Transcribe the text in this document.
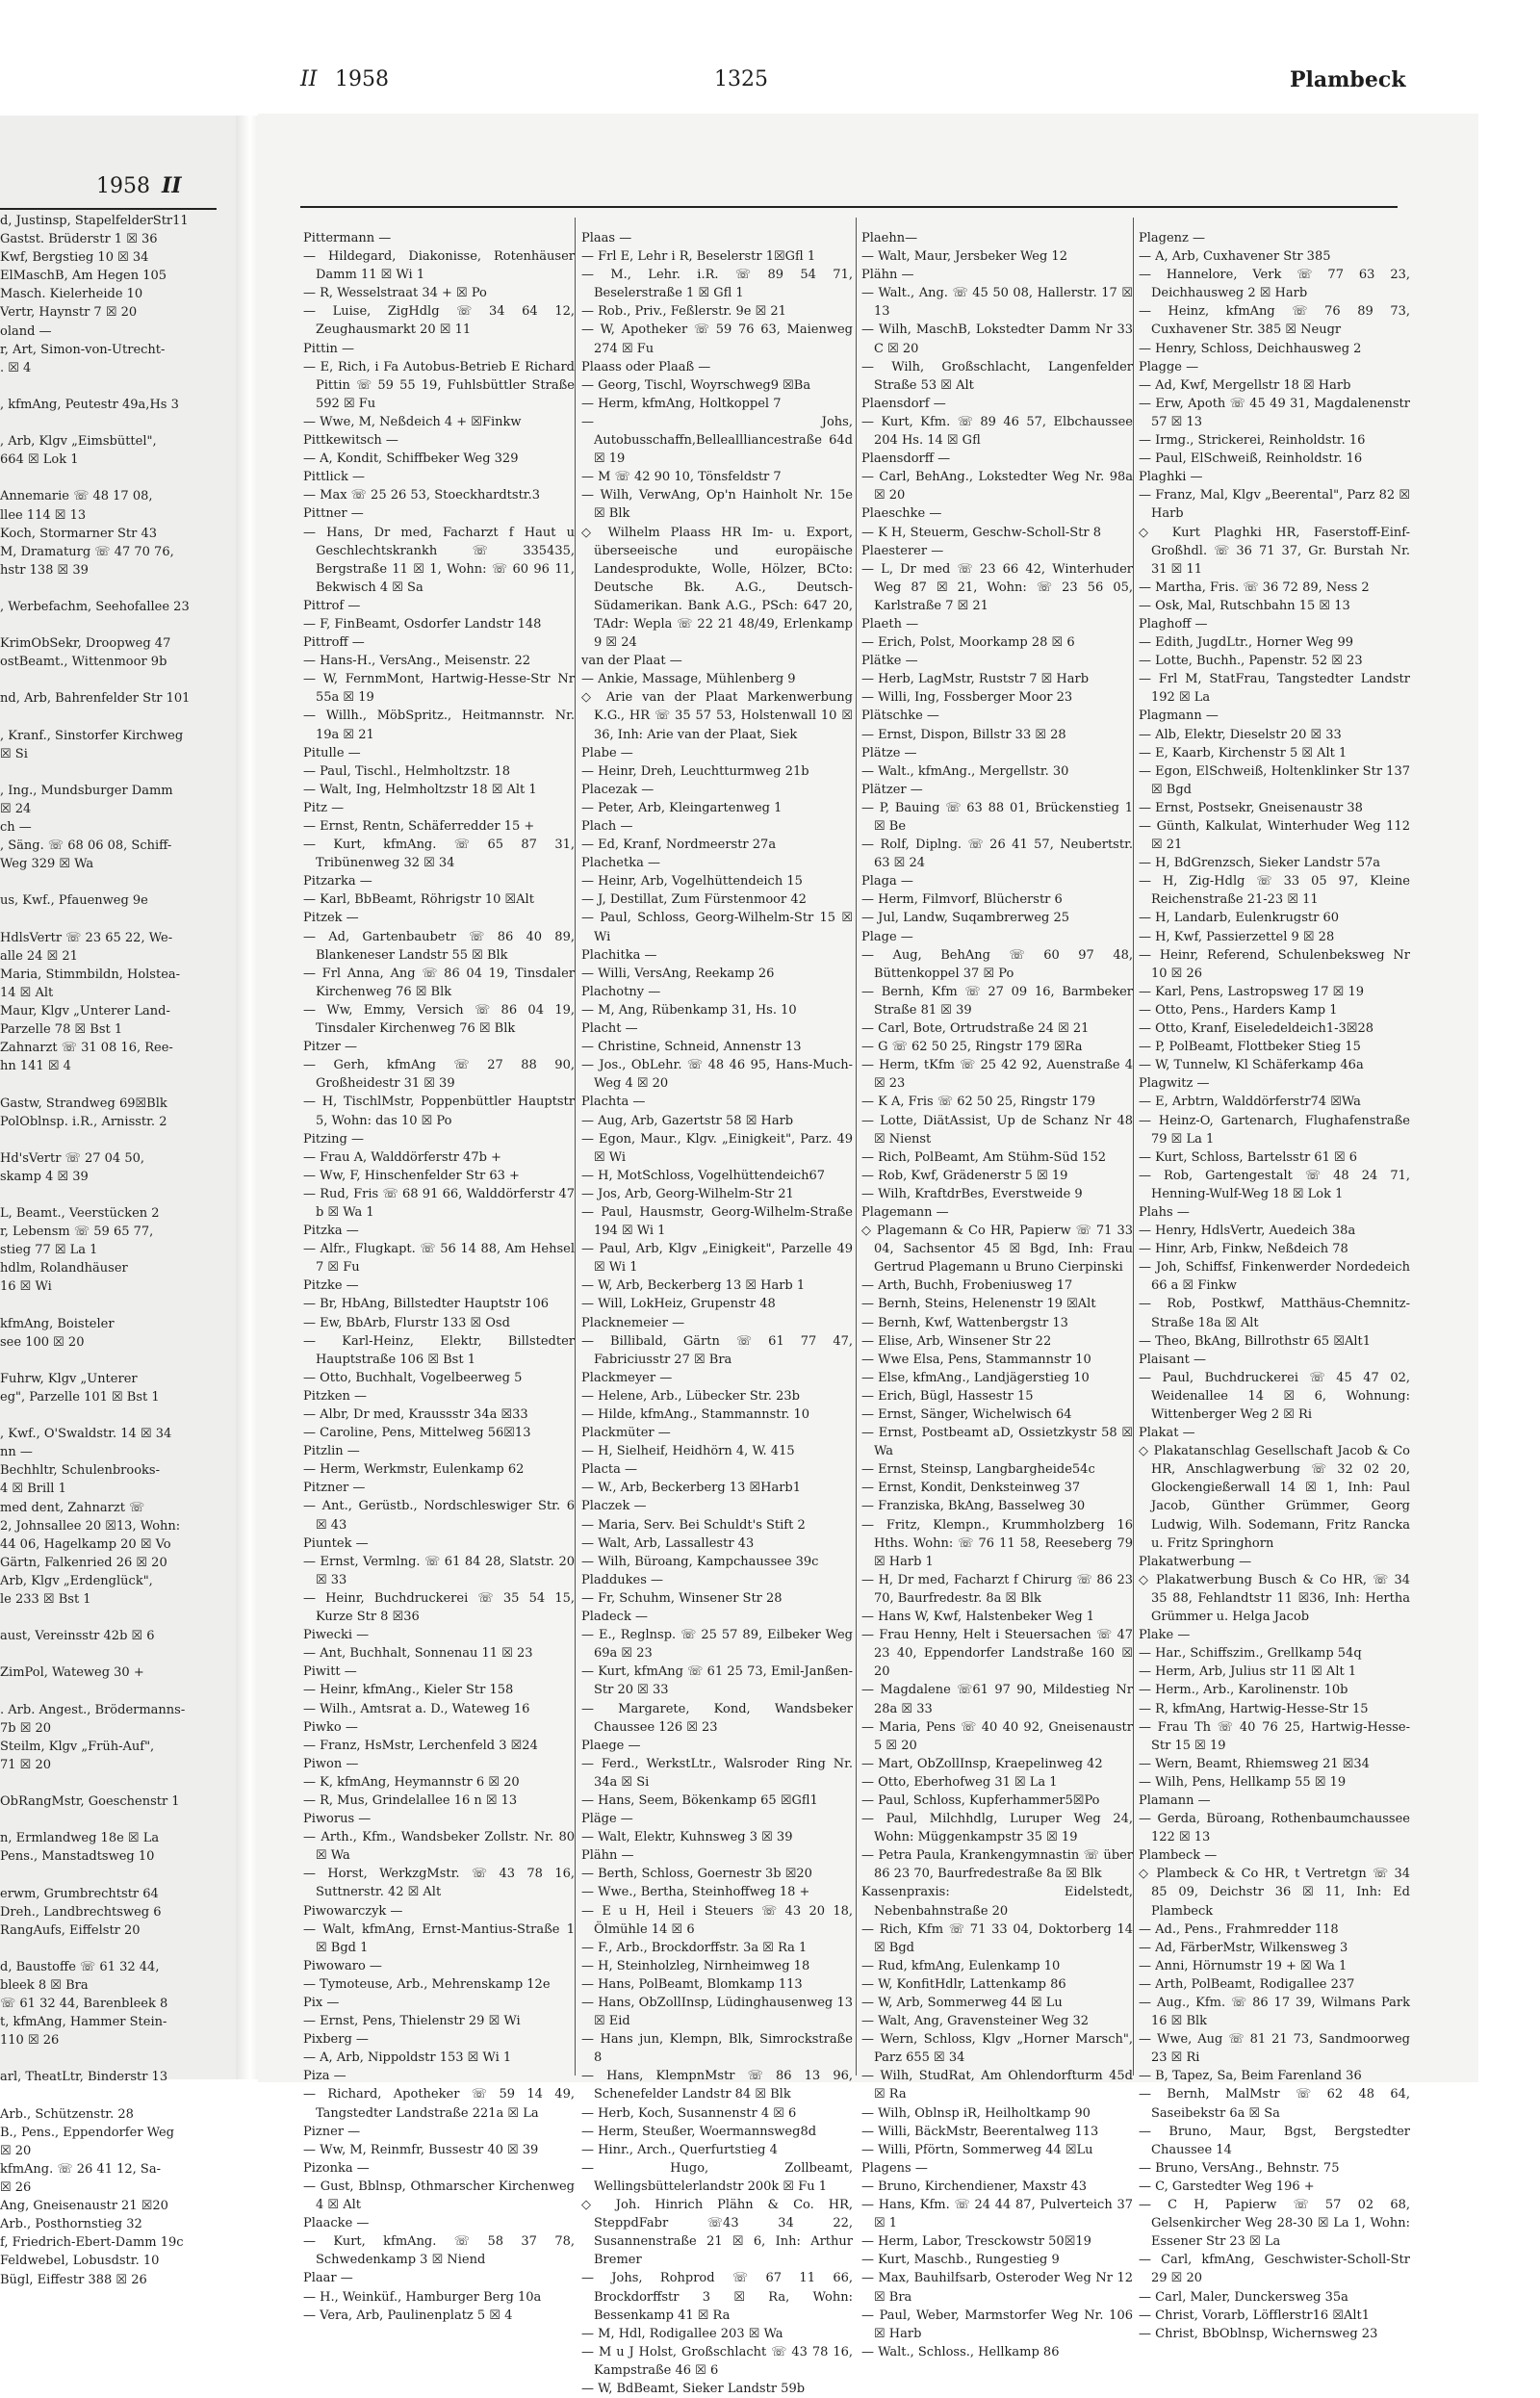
1958 II
d, Justinsp, StapelfelderStr11
Gastst. Brüderstr 1 ☒ 36
Kwf, Bergstieg 10 ☒ 34
ElMaschB, Am Hegen 105
Masch. Kielerheide 10
Vertr, Haynstr 7 ☒ 20
oland —
r, Art, Simon-von-Utrecht-
. ☒ 4

, kfmAng, Peutestr 49a,Hs 3

, Arb, Klgv „Eimsbüttel",
664 ☒ Lok 1

Annemarie ☏ 48 17 08,
llee 114 ☒ 13
Koch, Stormarner Str 43
M, Dramaturg ☏ 47 70 76,
hstr 138 ☒ 39

, Werbefachm, Seehofallee 23

KrimObSekr, Droopweg 47
ostBeamt., Wittenmoor 9b

nd, Arb, Bahrenfelder Str 101

, Kranf., Sinstorfer Kirchweg
☒ Si

, Ing., Mundsburger Damm
☒ 24
ch —
, Säng. ☏ 68 06 08, Schiff-
Weg 329 ☒ Wa

us, Kwf., Pfauenweg 9e

HdlsVertr ☏ 23 65 22, We-
alle 24 ☒ 21
Maria, Stimmbildn, Holstea-
14 ☒ Alt
Maur, Klgv „Unterer Land-
Parzelle 78 ☒ Bst 1
Zahnarzt ☏ 31 08 16, Ree-
hn 141 ☒ 4

Gastw, Strandweg 69☒Blk
PolOblnsp. i.R., Arnisstr. 2

Hd'sVertr ☏ 27 04 50,
skamp 4 ☒ 39

L, Beamt., Veerstücken 2
r, Lebensm ☏ 59 65 77,
stieg 77 ☒ La 1
hdlm, Rolandhäuser
16 ☒ Wi

kfmAng, Boisteler
see 100 ☒ 20

Fuhrw, Klgv „Unterer
eg", Parzelle 101 ☒ Bst 1

, Kwf., O'Swaldstr. 14 ☒ 34
nn —
Bechhltr, Schulenbrooks-
4 ☒ Brill 1
med dent, Zahnarzt ☏
2, Johnsallee 20 ☒13, Wohn:
44 06, Hagelkamp 20 ☒ Vo
Gärtn, Falkenried 26 ☒ 20
Arb, Klgv „Erdenglück",
le 233 ☒ Bst 1

aust, Vereinsstr 42b ☒ 6

ZimPol, Wateweg 30 +

. Arb. Angest., Brödermanns-
7b ☒ 20
Steilm, Klgv „Früh-Auf",
71 ☒ 20

ObRangMstr, Goeschenstr 1

n, Ermlandweg 18e ☒ La
Pens., Manstadtsweg 10

erwm, Grumbrechtstr 64
Dreh., Landbrechtsweg 6
RangAufs, Eiffelstr 20

d, Baustoffe ☏ 61 32 44,
bleek 8 ☒ Bra
☏ 61 32 44, Barenbleek 8
t, kfmAng, Hammer Stein-
110 ☒ 26

arl, TheatLtr, Binderstr 13

Arb., Schützenstr. 28
B., Pens., Eppendorfer Weg
☒ 20
kfmAng. ☏ 26 41 12, Sa-
☒ 26
Ang, Gneisenaustr 21 ☒20
Arb., Posthornstieg 32
f, Friedrich-Ebert-Damm 19c
Feldwebel, Lobusdstr. 10
Bügl, Eiffestr 388 ☒ 26
II 1958	1325	Plambeck
Pittermann —
— Hildegard, Diakonisse, Rotenhäuser Damm 11 ☒ Wi 1
— R, Wesselstraat 34 + ☒ Po
— Luise, ZigHdlg ☏ 34 64 12, Zeughausmarkt 20 ☒ 11
Pittin —
— E, Rich, i Fa Autobus-Betrieb E Richard Pittin ☏ 59 55 19, Fuhlsbüttler Straße 592 ☒ Fu
— Wwe, M, Neßdeich 4 + ☒Finkw
Pittkewitsch —
— A, Kondit, Schiffbeker Weg 329
Pittlick —
— Max ☏ 25 26 53, Stoeckhardtstr.3
Pittner —
— Hans, Dr med, Facharzt f Haut u Geschlechtskrankh ☏ 335435, Bergstraße 11 ☒ 1, Wohn: ☏ 60 96 11, Bekwisch 4 ☒ Sa
Pittrof —
— F, FinBeamt, Osdorfer Landstr 148
Pittroff —
— Hans-H., VersAng., Meisenstr. 22
— W, FernmMont, Hartwig-Hesse-Str Nr 55a ☒ 19
— Willh., MöbSpritz., Heitmannstr. Nr. 19a ☒ 21
Pitulle —
— Paul, Tischl., Helmholtzstr. 18
— Walt, Ing, Helmholtzstr 18 ☒ Alt 1
Pitz —
— Ernst, Rentn, Schäferredder 15 +
— Kurt, kfmAng. ☏ 65 87 31, Tribünenweg 32 ☒ 34
Pitzarka —
— Karl, BbBeamt, Röhrigstr 10 ☒Alt
Pitzek —
— Ad, Gartenbaubetr ☏ 86 40 89, Blankeneser Landstr 55 ☒ Blk
— Frl Anna, Ang ☏ 86 04 19, Tinsdaler Kirchenweg 76 ☒ Blk
— Ww, Emmy, Versich ☏ 86 04 19, Tinsdaler Kirchenweg 76 ☒ Blk
Pitzer —
— Gerh, kfmAng ☏ 27 88 90, Großheidestr 31 ☒ 39
— H, TischlMstr, Poppenbüttler Hauptstr 5, Wohn: das 10 ☒ Po
Pitzing —
— Frau A, Walddörferstr 47b +
— Ww, F, Hinschenfelder Str 63 +
— Rud, Fris ☏ 68 91 66, Walddörferstr 47 b ☒ Wa 1
Pitzka —
— Alfr., Flugkapt. ☏ 56 14 88, Am Hehsel 7 ☒ Fu
Pitzke —
— Br, HbAng, Billstedter Hauptstr 106
— Ew, BbArb, Flurstr 133 ☒ Osd
— Karl-Heinz, Elektr, Billstedter Hauptstraße 106 ☒ Bst 1
— Otto, Buchhalt, Vogelbeerweg 5
Pitzken —
— Albr, Dr med, Kraussstr 34a ☒33
— Caroline, Pens, Mittelweg 56☒13
Pitzlin —
— Herm, Werkmstr, Eulenkamp 62
Pitzner —
— Ant., Gerüstb., Nordschleswiger Str. 6 ☒ 43
Piuntek —
— Ernst, Vermlng. ☏ 61 84 28, Slatstr. 20 ☒ 33
— Heinr, Buchdruckerei ☏ 35 54 15, Kurze Str 8 ☒36
Piwecki —
— Ant, Buchhalt, Sonnenau 11 ☒ 23
Piwitt —
— Heinr, kfmAng., Kieler Str 158
— Wilh., Amtsrat a. D., Wateweg 16
Piwko —
— Franz, HsMstr, Lerchenfeld 3 ☒24
Piwon —
— K, kfmAng, Heymannstr 6 ☒ 20
— R, Mus, Grindelallee 16 n ☒ 13
Piworus —
— Arth., Kfm., Wandsbeker Zollstr. Nr. 80 ☒ Wa
— Horst, WerkzgMstr. ☏ 43 78 16, Suttnerstr. 42 ☒ Alt
Piwowarczyk —
— Walt, kfmAng, Ernst-Mantius-Straße 1 ☒ Bgd 1
Piwowaro —
— Tymoteuse, Arb., Mehrenskamp 12e
Pix —
— Ernst, Pens, Thielenstr 29 ☒ Wi
Pixberg —
— A, Arb, Nippoldstr 153 ☒ Wi 1
Piza —
— Richard, Apotheker ☏ 59 14 49, Tangstedter Landstraße 221a ☒ La
Pizner —
— Ww, M, Reinmfr, Bussestr 40 ☒ 39
Pizonka —
— Gust, Bblnsp, Othmarscher Kirchenweg 4 ☒ Alt
Plaacke —
— Kurt, kfmAng. ☏ 58 37 78, Schwedenkamp 3 ☒ Niend
Plaar —
— H., Weinküf., Hamburger Berg 10a
— Vera, Arb, Paulinenplatz 5 ☒ 4
Plaas —
— Frl E, Lehr i R, Beselerstr 1☒Gfl 1
— M., Lehr. i.R. ☏ 89 54 71, Beselerstraße 1 ☒ Gfl 1
— Rob., Priv., Feßlerstr. 9e ☒ 21
— W, Apotheker ☏ 59 76 63, Maienweg 274 ☒ Fu
Plaass oder Plaaß —
— Georg, Tischl, Woyrschweg9 ☒Ba
— Herm, kfmAng, Holtkoppel 7
— Johs, Autobusschaffn,Belleallliancestraße 64d ☒ 19
— M ☏ 42 90 10, Tönsfeldstr 7
— Wilh, VerwAng, Op'n Hainholt Nr. 15e ☒ Blk
◇ Wilhelm Plaass HR Im- u. Export, überseeische und europäische Landesprodukte, Wolle, Hölzer, BCto: Deutsche Bk. A.G., Deutsch-Südamerikan. Bank A.G., PSch: 647 20, TAdr: Wepla ☏ 22 21 48/49, Erlenkamp 9 ☒ 24
van der Plaat —
— Ankie, Massage, Mühlenberg 9
◇ Arie van der Plaat Markenwerbung K.G., HR ☏ 35 57 53, Holstenwall 10 ☒ 36, Inh: Arie van der Plaat, Siek
Plabe —
— Heinr, Dreh, Leuchtturmweg 21b
Placezak —
— Peter, Arb, Kleingartenweg 1
Plach —
— Ed, Kranf, Nordmeerstr 27a
Plachetka —
— Heinr, Arb, Vogelhüttendeich 15
— J, Destillat, Zum Fürstenmoor 42
— Paul, Schloss, Georg-Wilhelm-Str 15 ☒ Wi
Plachitka —
— Willi, VersAng, Reekamp 26
Plachotny —
— M, Ang, Rübenkamp 31, Hs. 10
Placht —
— Christine, Schneid, Annenstr 13
— Jos., ObLehr. ☏ 48 46 95, Hans-Much-Weg 4 ☒ 20
Plachta —
— Aug, Arb, Gazertstr 58 ☒ Harb
— Egon, Maur., Klgv. „Einigkeit", Parz. 49 ☒ Wi
— H, MotSchloss, Vogelhüttendeich67
— Jos, Arb, Georg-Wilhelm-Str 21
— Paul, Hausmstr, Georg-Wilhelm-Straße 194 ☒ Wi 1
— Paul, Arb, Klgv „Einigkeit", Parzelle 49 ☒ Wi 1
— W, Arb, Beckerberg 13 ☒ Harb 1
— Will, LokHeiz, Grupenstr 48
Placknemeier —
— Billibald, Gärtn ☏ 61 77 47, Fabriciusstr 27 ☒ Bra
Plackmeyer —
— Helene, Arb., Lübecker Str. 23b
— Hilde, kfmAng., Stammannstr. 10
Plackmüter —
— H, Sielheif, Heidhörn 4, W. 415
Placta —
— W., Arb, Beckerberg 13 ☒Harb1
Placzek —
— Maria, Serv. Bei Schuldt's Stift 2
— Walt, Arb, Lassallestr 43
— Wilh, Büroang, Kampchaussee 39c
Pladdukes —
— Fr, Schuhm, Winsener Str 28
Pladeck —
— E., Reglnsp. ☏ 25 57 89, Eilbeker Weg 69a ☒ 23
— Kurt, kfmAng ☏ 61 25 73, Emil-Janßen-Str 20 ☒ 33
— Margarete, Kond, Wandsbeker Chaussee 126 ☒ 23
Plaege —
— Ferd., WerkstLtr., Walsroder Ring Nr. 34a ☒ Si
— Hans, Seem, Bökenkamp 65 ☒Gfl1
Pläge —
— Walt, Elektr, Kuhnsweg 3 ☒ 39
Plähn —
— Berth, Schloss, Goernestr 3b ☒20
— Wwe., Bertha, Steinhoffweg 18 +
— E u H, Heil i Steuers ☏ 43 20 18, Ölmühle 14 ☒ 6
— F., Arb., Brockdorffstr. 3a ☒ Ra 1
— H, Steinholzleg, Nirnheimweg 18
— Hans, PolBeamt, Blomkamp 113
— Hans, ObZollInsp, Lüdinghausenweg 13 ☒ Eid
— Hans jun, Klempn, Blk, Simrockstraße 8
— Hans, KlempnMstr ☏ 86 13 96, Schenefelder Landstr 84 ☒ Blk
— Herb, Koch, Susannenstr 4 ☒ 6
— Herm, Steußer, Woermannsweg8d
— Hinr., Arch., Querfurtstieg 4
— Hugo, Zollbeamt, Wellingsbüttelerlandstr 200k ☒ Fu 1
◇ Joh. Hinrich Plähn & Co. HR, SteppdFabr ☏43 34 22, Susannenstraße 21 ☒ 6, Inh: Arthur Bremer
— Johs, Rohprod ☏ 67 11 66, Brockdorffstr 3 ☒ Ra, Wohn: Bessenkamp 41 ☒ Ra
— M, Hdl, Rodigallee 203 ☒ Wa
— M u J Holst, Großschlacht ☏ 43 78 16, Kampstraße 46 ☒ 6
— W, BdBeamt, Sieker Landstr 59b
Plaehn—
— Walt, Maur, Jersbeker Weg 12
Plähn —
— Walt., Ang. ☏ 45 50 08, Hallerstr. 17 ☒ 13
— Wilh, MaschB, Lokstedter Damm Nr 33 C ☒ 20
— Wilh, Großschlacht, Langenfelder Straße 53 ☒ Alt
Plaensdorf —
— Kurt, Kfm. ☏ 89 46 57, Elbchaussee 204 Hs. 14 ☒ Gfl
Plaensdorff —
— Carl, BehAng., Lokstedter Weg Nr. 98a ☒ 20
Plaeschke —
— K H, Steuerm, Geschw-Scholl-Str 8
Plaesterer —
— L, Dr med ☏ 23 66 42, Winterhuder Weg 87 ☒ 21, Wohn: ☏ 23 56 05, Karlstraße 7 ☒ 21
Plaeth —
— Erich, Polst, Moorkamp 28 ☒ 6
Plätke —
— Herb, LagMstr, Ruststr 7 ☒ Harb
— Willi, Ing, Fossberger Moor 23
Plätschke —
— Ernst, Dispon, Billstr 33 ☒ 28
Plätze —
— Walt., kfmAng., Mergellstr. 30
Plätzer —
— P, Bauing ☏ 63 88 01, Brückenstieg 1 ☒ Be
— Rolf, Diplng. ☏ 26 41 57, Neubertstr. 63 ☒ 24
Plaga —
— Herm, Filmvorf, Blücherstr 6
— Jul, Landw, Suqambrerweg 25
Plage —
— Aug, BehAng ☏ 60 97 48, Büttenkoppel 37 ☒ Po
— Bernh, Kfm ☏ 27 09 16, Barmbeker Straße 81 ☒ 39
— Carl, Bote, Ortrudstraße 24 ☒ 21
— G ☏ 62 50 25, Ringstr 179 ☒Ra
— Herm, tKfm ☏ 25 42 92, Auenstraße 4 ☒ 23
— K A, Fris ☏ 62 50 25, Ringstr 179
— Lotte, DiätAssist, Up de Schanz Nr 48 ☒ Nienst
— Rich, PolBeamt, Am Stühm-Süd 152
— Rob, Kwf, Grädenerstr 5 ☒ 19
— Wilh, KraftdrBes, Everstweide 9
Plagemann —
◇ Plagemann & Co HR, Papierw ☏ 71 33 04, Sachsentor 45 ☒ Bgd, Inh: Frau Gertrud Plagemann u Bruno Cierpinski
— Arth, Buchh, Frobeniusweg 17
— Bernh, Steins, Helenenstr 19 ☒Alt
— Bernh, Kwf, Wattenbergstr 13
— Elise, Arb, Winsener Str 22
— Wwe Elsa, Pens, Stammannstr 10
— Else, kfmAng., Landjägerstieg 10
— Erich, Bügl, Hassestr 15
— Ernst, Sänger, Wichelwisch 64
— Ernst, Postbeamt aD, Ossietzkystr 58 ☒ Wa
— Ernst, Steinsp, Langbargheide54c
— Ernst, Kondit, Denksteinweg 37
— Franziska, BkAng, Basselweg 30
— Fritz, Klempn., Krummholzberg 16 Hths. Wohn: ☏ 76 11 58, Reeseberg 79 ☒ Harb 1
— H, Dr med, Facharzt f Chirurg ☏ 86 23 70, Baurfredestr. 8a ☒ Blk
— Hans W, Kwf, Halstenbeker Weg 1
— Frau Henny, Helt i Steuersachen ☏ 47 23 40, Eppendorfer Landstraße 160 ☒ 20
— Magdalene ☏61 97 90, Mildestieg Nr 28a ☒ 33
— Maria, Pens ☏ 40 40 92, Gneisenaustr 5 ☒ 20
— Mart, ObZollInsp, Kraepelinweg 42
— Otto, Eberhofweg 31 ☒ La 1
— Paul, Schloss, Kupferhammer5☒Po
— Paul, Milchhdlg, Luruper Weg 24, Wohn: Müggenkampstr 35 ☒ 19
— Petra Paula, Krankengymnastin ☏ über 86 23 70, Baurfredestraße 8a ☒ Blk
Kassenpraxis: Eidelstedt, Nebenbahnstraße 20
— Rich, Kfm ☏ 71 33 04, Doktorberg 14 ☒ Bgd
— Rud, kfmAng, Eulenkamp 10
— W, KonfitHdlr, Lattenkamp 86
— W, Arb, Sommerweg 44 ☒ Lu
— Walt, Ang, Gravensteiner Weg 32
— Wern, Schloss, Klgv „Horner Marsch", Parz 655 ☒ 34
— Wilh, StudRat, Am Ohlendorfturm 45d ☒ Ra
— Wilh, Oblnsp iR, Heilholtkamp 90
— Willi, BäckMstr, Beerentalweg 113
— Willi, Pförtn, Sommerweg 44 ☒Lu
Plagens —
— Bruno, Kirchendiener, Maxstr 43
— Hans, Kfm. ☏ 24 44 87, Pulverteich 37 ☒ 1
— Herm, Labor, Tresckowstr 50☒19
— Kurt, Maschb., Rungestieg 9
— Max, Bauhilfsarb, Osteroder Weg Nr 12 ☒ Bra
— Paul, Weber, Marmstorfer Weg Nr. 106 ☒ Harb
— Walt., Schloss., Hellkamp 86
Plagenz —
— A, Arb, Cuxhavener Str 385
— Hannelore, Verk ☏ 77 63 23, Deichhausweg 2 ☒ Harb
— Heinz, kfmAng ☏ 76 89 73, Cuxhavener Str. 385 ☒ Neugr
— Henry, Schloss, Deichhausweg 2
Plagge —
— Ad, Kwf, Mergellstr 18 ☒ Harb
— Erw, Apoth ☏ 45 49 31, Magdalenenstr 57 ☒ 13
— Irmg., Strickerei, Reinholdstr. 16
— Paul, ElSchweiß, Reinholdstr. 16
Plaghki —
— Franz, Mal, Klgv „Beerental", Parz 82 ☒ Harb
◇ Kurt Plaghki HR, Faserstoff-Einf-Großhdl. ☏ 36 71 37, Gr. Burstah Nr. 31 ☒ 11
— Martha, Fris. ☏ 36 72 89, Ness 2
— Osk, Mal, Rutschbahn 15 ☒ 13
Plaghoff —
— Edith, JugdLtr., Horner Weg 99
— Lotte, Buchh., Papenstr. 52 ☒ 23
— Frl M, StatFrau, Tangstedter Landstr 192 ☒ La
Plagmann —
— Alb, Elektr, Dieselstr 20 ☒ 33
— E, Kaarb, Kirchenstr 5 ☒ Alt 1
— Egon, ElSchweiß, Holtenklinker Str 137 ☒ Bgd
— Ernst, Postsekr, Gneisenaustr 38
— Günth, Kalkulat, Winterhuder Weg 112 ☒ 21
— H, BdGrenzsch, Sieker Landstr 57a
— H, Zig-Hdlg ☏ 33 05 97, Kleine Reichenstraße 21-23 ☒ 11
— H, Landarb, Eulenkrugstr 60
— H, Kwf, Passierzettel 9 ☒ 28
— Heinr, Referend, Schulenbeksweg Nr 10 ☒ 26
— Karl, Pens, Lastropsweg 17 ☒ 19
— Otto, Pens., Harders Kamp 1
— Otto, Kranf, Eiseledeldeich1-3☒28
— P, PolBeamt, Flottbeker Stieg 15
— W, Tunnelw, Kl Schäferkamp 46a
Plagwitz —
— E, Arbtrn, Walddörferstr74 ☒Wa
— Heinz-O, Gartenarch, Flughafenstraße 79 ☒ La 1
— Kurt, Schloss, Bartelsstr 61 ☒ 6
— Rob, Gartengestalt ☏ 48 24 71, Henning-Wulf-Weg 18 ☒ Lok 1
Plahs —
— Henry, HdlsVertr, Auedeich 38a
— Hinr, Arb, Finkw, Neßdeich 78
— Joh, Schiffsf, Finkenwerder Nordedeich 66 a ☒ Finkw
— Rob, Postkwf, Matthäus-Chemnitz-Straße 18a ☒ Alt
— Theo, BkAng, Billrothstr 65 ☒Alt1
Plaisant —
— Paul, Buchdruckerei ☏ 45 47 02, Weidenallee 14 ☒ 6, Wohnung: Wittenberger Weg 2 ☒ Ri
Plakat —
◇ Plakatanschlag Gesellschaft Jacob & Co HR, Anschlagwerbung ☏ 32 02 20, Glockengießerwall 14 ☒ 1, Inh: Paul Jacob, Günther Grümmer, Georg Ludwig, Wilh. Sodemann, Fritz Rancka u. Fritz Springhorn
Plakatwerbung —
◇ Plakatwerbung Busch & Co HR, ☏ 34 35 88, Fehlandtstr 11 ☒36, Inh: Hertha Grümmer u. Helga Jacob
Plake —
— Har., Schiffszim., Grellkamp 54q
— Herm, Arb, Julius str 11 ☒ Alt 1
— Herm., Arb., Karolinenstr. 10b
— R, kfmAng, Hartwig-Hesse-Str 15
— Frau Th ☏ 40 76 25, Hartwig-Hesse-Str 15 ☒ 19
— Wern, Beamt, Rhiemsweg 21 ☒34
— Wilh, Pens, Hellkamp 55 ☒ 19
Plamann —
— Gerda, Büroang, Rothenbaumchaussee 122 ☒ 13
Plambeck —
◇ Plambeck & Co HR, t Vertretgn ☏ 34 85 09, Deichstr 36 ☒ 11, Inh: Ed Plambeck
— Ad., Pens., Frahmredder 118
— Ad, FärberMstr, Wilkensweg 3
— Anni, Hörnumstr 19 + ☒ Wa 1
— Arth, PolBeamt, Rodigallee 237
— Aug., Kfm. ☏ 86 17 39, Wilmans Park 16 ☒ Blk
— Wwe, Aug ☏ 81 21 73, Sandmoorweg 23 ☒ Ri
— B, Tapez, Sa, Beim Farenland 36
— Bernh, MalMstr ☏ 62 48 64, Saseibekstr 6a ☒ Sa
— Bruno, Maur, Bgst, Bergstedter Chaussee 14
— Bruno, VersAng., Behnstr. 75
— C, Garstedter Weg 196 +
— C H, Papierw ☏ 57 02 68, Gelsenkircher Weg 28-30 ☒ La 1, Wohn: Essener Str 23 ☒ La
— Carl, kfmAng, Geschwister-Scholl-Str 29 ☒ 20
— Carl, Maler, Dunckersweg 35a
— Christ, Vorarb, Löfflerstr16 ☒Alt1
— Christ, BbOblnsp, Wichernsweg 23
